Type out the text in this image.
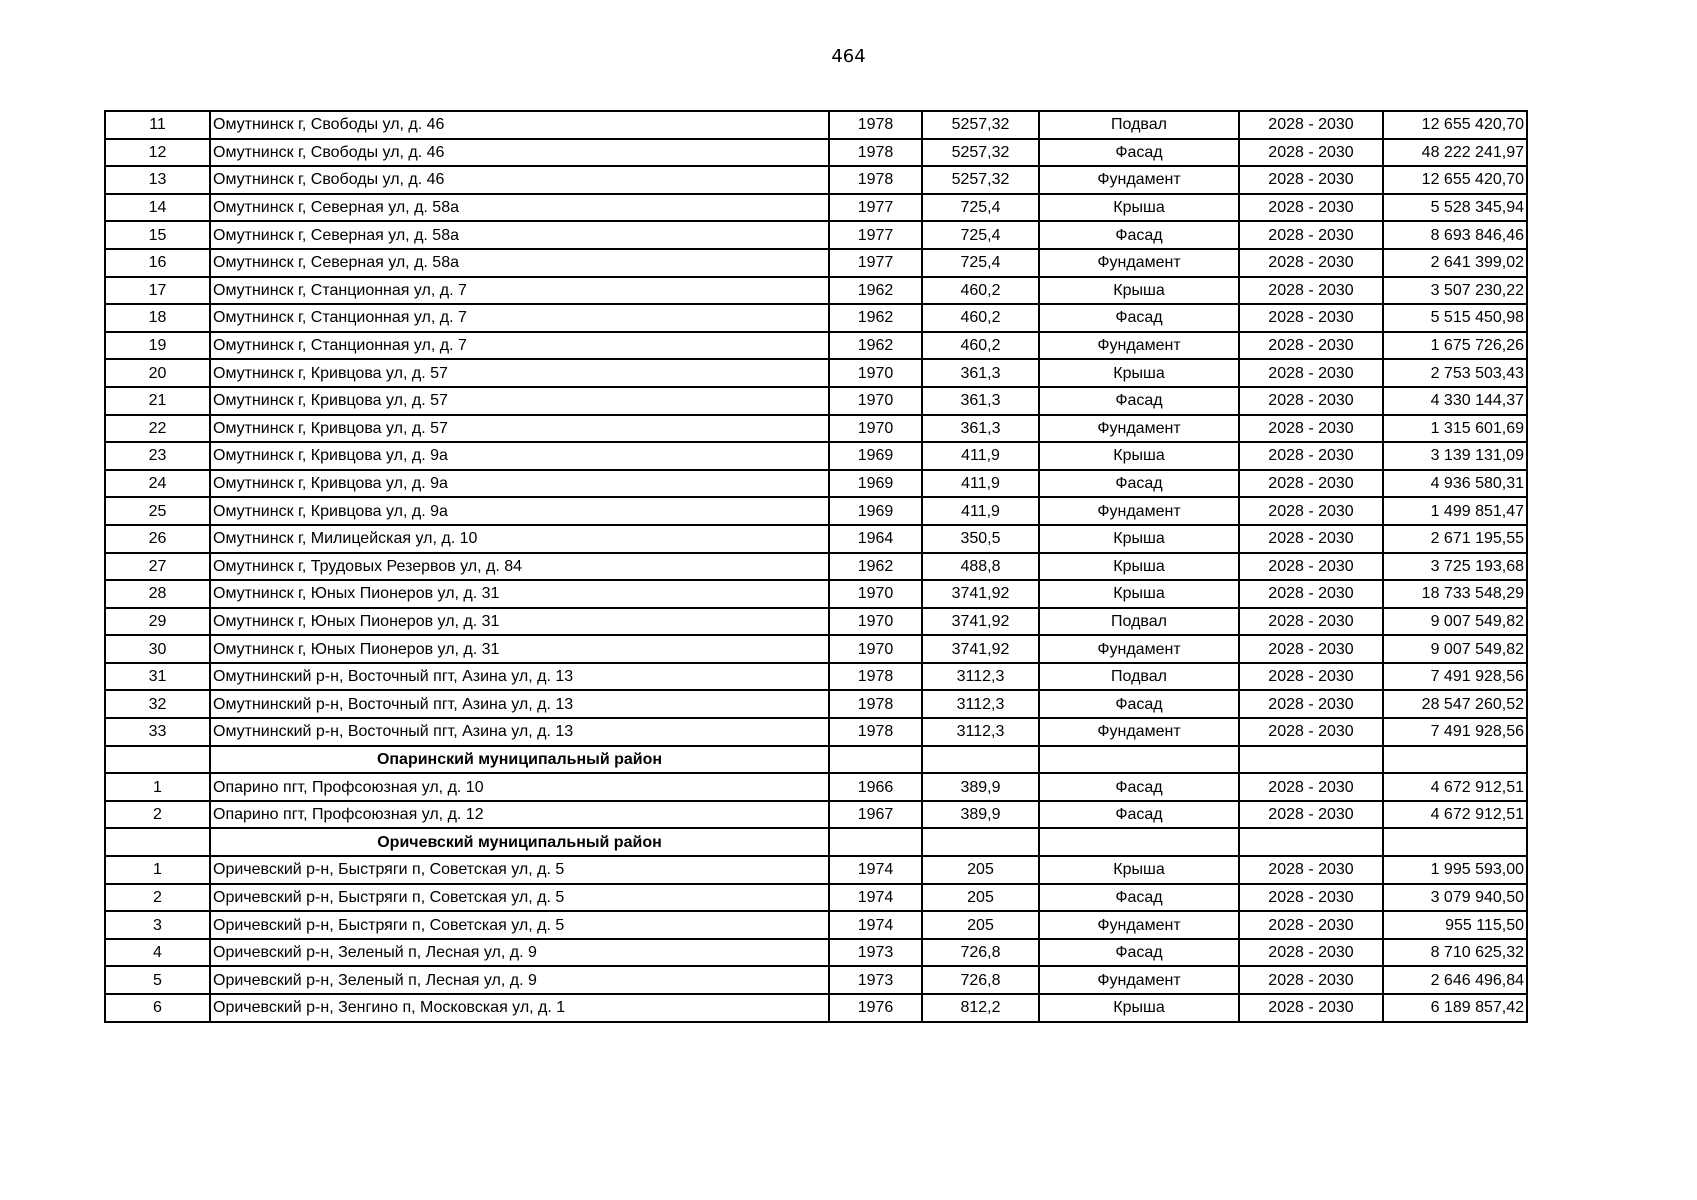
464
11	Омутнинск г, Свободы ул, д. 46	1978	5257,32	Подвал	2028 - 2030	12 655 420,70
12	Омутнинск г, Свободы ул, д. 46	1978	5257,32	Фасад	2028 - 2030	48 222 241,97
13	Омутнинск г, Свободы ул, д. 46	1978	5257,32	Фундамент	2028 - 2030	12 655 420,70
14	Омутнинск г, Северная ул, д. 58а	1977	725,4	Крыша	2028 - 2030	5 528 345,94
15	Омутнинск г, Северная ул, д. 58а	1977	725,4	Фасад	2028 - 2030	8 693 846,46
16	Омутнинск г, Северная ул, д. 58а	1977	725,4	Фундамент	2028 - 2030	2 641 399,02
17	Омутнинск г, Станционная ул, д. 7	1962	460,2	Крыша	2028 - 2030	3 507 230,22
18	Омутнинск г, Станционная ул, д. 7	1962	460,2	Фасад	2028 - 2030	5 515 450,98
19	Омутнинск г, Станционная ул, д. 7	1962	460,2	Фундамент	2028 - 2030	1 675 726,26
20	Омутнинск г, Кривцова ул, д. 57	1970	361,3	Крыша	2028 - 2030	2 753 503,43
21	Омутнинск г, Кривцова ул, д. 57	1970	361,3	Фасад	2028 - 2030	4 330 144,37
22	Омутнинск г, Кривцова ул, д. 57	1970	361,3	Фундамент	2028 - 2030	1 315 601,69
23	Омутнинск г, Кривцова ул, д. 9а	1969	411,9	Крыша	2028 - 2030	3 139 131,09
24	Омутнинск г, Кривцова ул, д. 9а	1969	411,9	Фасад	2028 - 2030	4 936 580,31
25	Омутнинск г, Кривцова ул, д. 9а	1969	411,9	Фундамент	2028 - 2030	1 499 851,47
26	Омутнинск г, Милицейская ул, д. 10	1964	350,5	Крыша	2028 - 2030	2 671 195,55
27	Омутнинск г, Трудовых Резервов ул, д. 84	1962	488,8	Крыша	2028 - 2030	3 725 193,68
28	Омутнинск г, Юных Пионеров ул, д. 31	1970	3741,92	Крыша	2028 - 2030	18 733 548,29
29	Омутнинск г, Юных Пионеров ул, д. 31	1970	3741,92	Подвал	2028 - 2030	9 007 549,82
30	Омутнинск г, Юных Пионеров ул, д. 31	1970	3741,92	Фундамент	2028 - 2030	9 007 549,82
31	Омутнинский р-н, Восточный пгт, Азина ул, д. 13	1978	3112,3	Подвал	2028 - 2030	7 491 928,56
32	Омутнинский р-н, Восточный пгт, Азина ул, д. 13	1978	3112,3	Фасад	2028 - 2030	28 547 260,52
33	Омутнинский р-н, Восточный пгт, Азина ул, д. 13	1978	3112,3	Фундамент	2028 - 2030	7 491 928,56
	Опаринский муниципальный район					
1	Опарино пгт, Профсоюзная ул, д. 10	1966	389,9	Фасад	2028 - 2030	4 672 912,51
2	Опарино пгт, Профсоюзная ул, д. 12	1967	389,9	Фасад	2028 - 2030	4 672 912,51
	Оричевский муниципальный район					
1	Оричевский р-н, Быстряги п, Советская ул, д. 5	1974	205	Крыша	2028 - 2030	1 995 593,00
2	Оричевский р-н, Быстряги п, Советская ул, д. 5	1974	205	Фасад	2028 - 2030	3 079 940,50
3	Оричевский р-н, Быстряги п, Советская ул, д. 5	1974	205	Фундамент	2028 - 2030	955 115,50
4	Оричевский р-н, Зеленый п, Лесная ул, д. 9	1973	726,8	Фасад	2028 - 2030	8 710 625,32
5	Оричевский р-н, Зеленый п, Лесная ул, д. 9	1973	726,8	Фундамент	2028 - 2030	2 646 496,84
6	Оричевский р-н, Зенгино п, Московская ул, д. 1	1976	812,2	Крыша	2028 - 2030	6 189 857,42
